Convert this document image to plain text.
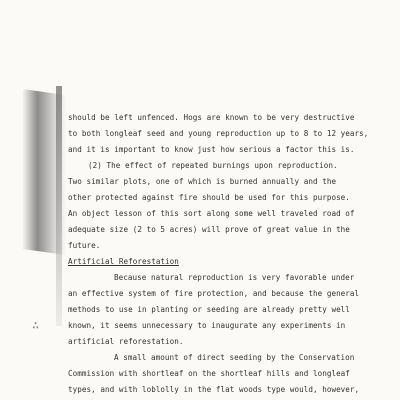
should be left unfenced. Hogs are known to be very destructive
to both longleaf seed and young reproduction up to 8 to 12 years,
and it is important to know just how serious a factor this is.
(2) The effect of repeated burnings upon reproduction.
Two similar plots, one of which is burned annually and the
other protected against fire should be used for this purpose.
An object lesson of this sort along some well traveled road of
adequate size (2 to 5 acres) will prove of great value in the
future.
Artificial Reforestation
Because natural reproduction is very favorable under
an effective system of fire protection, and because the general
methods to use in planting or seeding are already pretty well
known, it seems unnecessary to inaugurate any experiments in
artificial reforestation.
A small amount of direct seeding by the Conservation
Commission with shortleaf on the shortleaf hills and longleaf
types, and with loblolly in the flat woods type would, however,
∴
